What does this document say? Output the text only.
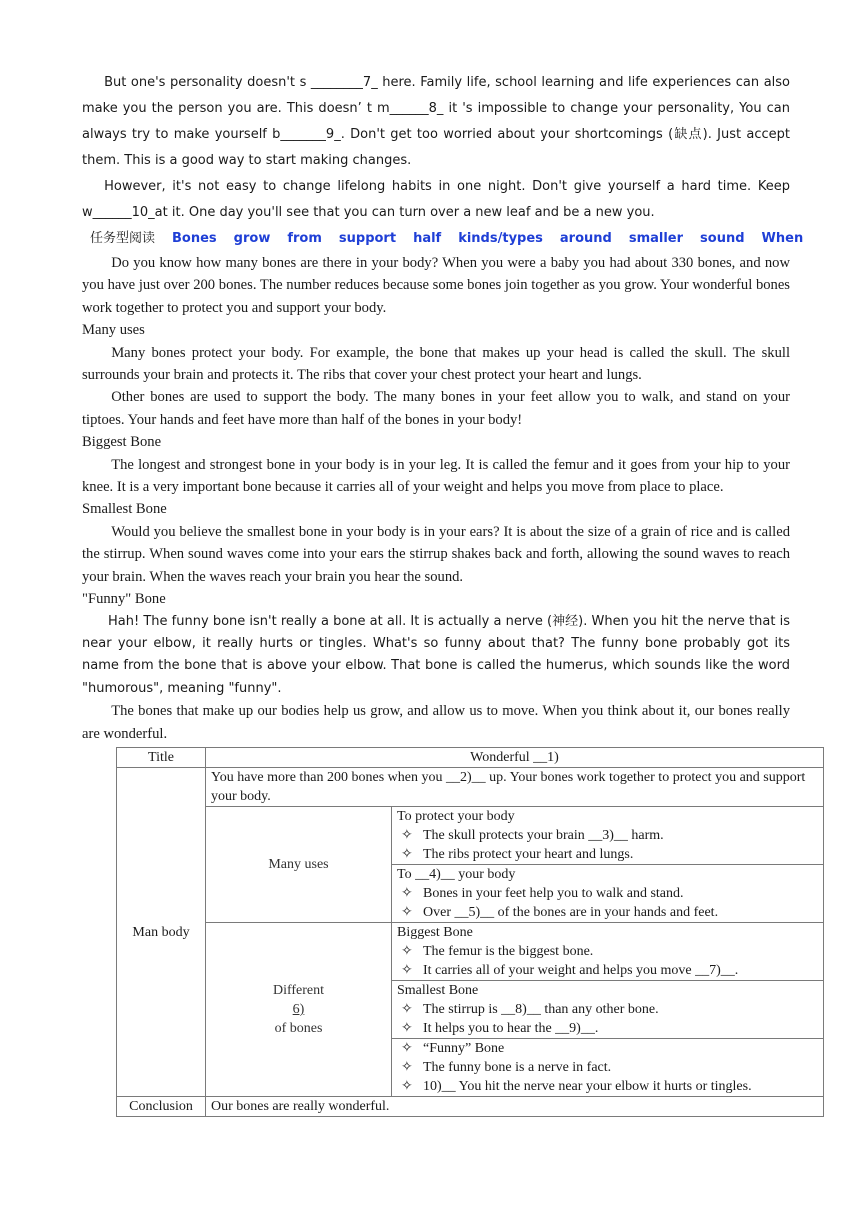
But one's personality doesn't s ________7_ here. Family life, school learning and life experiences can also make you the person you are. This doesn’ t m______8_ it 's impossible to change your personality, You can always try to make yourself b_______9_. Don't get too worried about your shortcomings (缺点). Just accept them. This is a good way to start making changes.

However, it's not easy to change lifelong habits in one night. Don't give yourself a hard time. Keep w______10_at it. One day you'll see that you can turn over a new leaf and be a new you.

任务型阅读 Bones grow from support half kinds/types around smaller sound When

Do you know how many bones are there in your body? When you were a baby you had about 330 bones, and now you have just over 200 bones. The number reduces because some bones join together as you grow. Your wonderful bones work together to protect you and support your body.

Many uses

Many bones protect your body. For example, the bone that makes up your head is called the skull. The skull surrounds your brain and protects it. The ribs that cover your chest protect your heart and lungs.

Other bones are used to support the body. The many bones in your feet allow you to walk, and stand on your tiptoes. Your hands and feet have more than half of the bones in your body!

Biggest Bone

The longest and strongest bone in your body is in your leg. It is called the femur and it goes from your hip to your knee. It is a very important bone because it carries all of your weight and helps you move from place to place.

Smallest Bone

Would you believe the smallest bone in your body is in your ears? It is about the size of a grain of rice and is called the stirrup. When sound waves come into your ears the stirrup shakes back and forth, allowing the sound waves to reach your brain. When the waves reach your brain you hear the sound.

"Funny" Bone

Hah! The funny bone isn't really a bone at all. It is actually a nerve (神经). When you hit the nerve that is near your elbow, it really hurts or tingles. What's so funny about that? The funny bone probably got its name from the bone that is above your elbow. That bone is called the humerus, which sounds like the word "humorous", meaning "funny".

The bones that make up our bodies help us grow, and allow us to move. When you think about it, our bones really are wonderful.

Title	Wonderful __1)	
Man body	You have more than 200 bones when you __2)__ up. Your bones work together to protect you and support your body.	
	Many uses	To protect your body
✧ The skull protects your brain __3)__ harm.
✧ The ribs protect your heart and lungs.

		To __4)__ your body
✧ Bones in your feet help you to walk and stand.
✧ Over __5)__ of the bones are in your hands and feet.

	Different
6)
of bones	Biggest Bone
✧ The femur is the biggest bone.
✧ It carries all of your weight and helps you move __7)__.

		Smallest Bone
✧ The stirrup is __8)__ than any other bone.
✧ It helps you to hear the __9)__.

		✧ “Funny” Bone
✧ The funny bone is a nerve in fact.
✧ 10)__ You hit the nerve near your elbow it hurts or tingles.

Conclusion	Our bones are really wonderful.	
